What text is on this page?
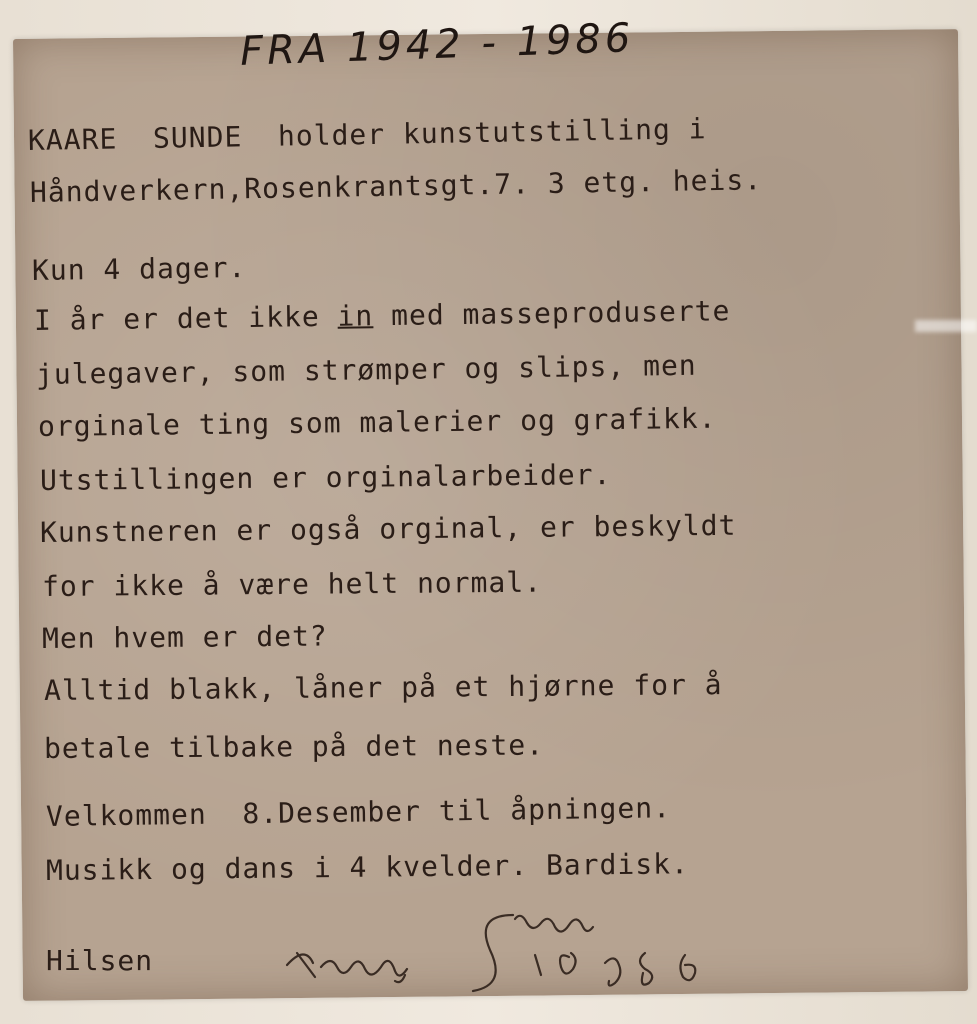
FRA 1942 - 1986
KAARE  SUNDE  holder kunstutstilling i
Håndverkern,Rosenkrantsgt.7. 3 etg. heis.
Kun 4 dager.
I år er det ikke in med masseproduserte
julegaver, som strømper og slips, men
orginale ting som malerier og grafikk.
Utstillingen er orginalarbeider.
Kunstneren er også orginal, er beskyldt
for ikke å være helt normal.
Men hvem er det?
Alltid blakk, låner på et hjørne for å
betale tilbake på det neste.
Velkommen  8.Desember til åpningen.
Musikk og dans i 4 kvelder. Bardisk.
Hilsen
